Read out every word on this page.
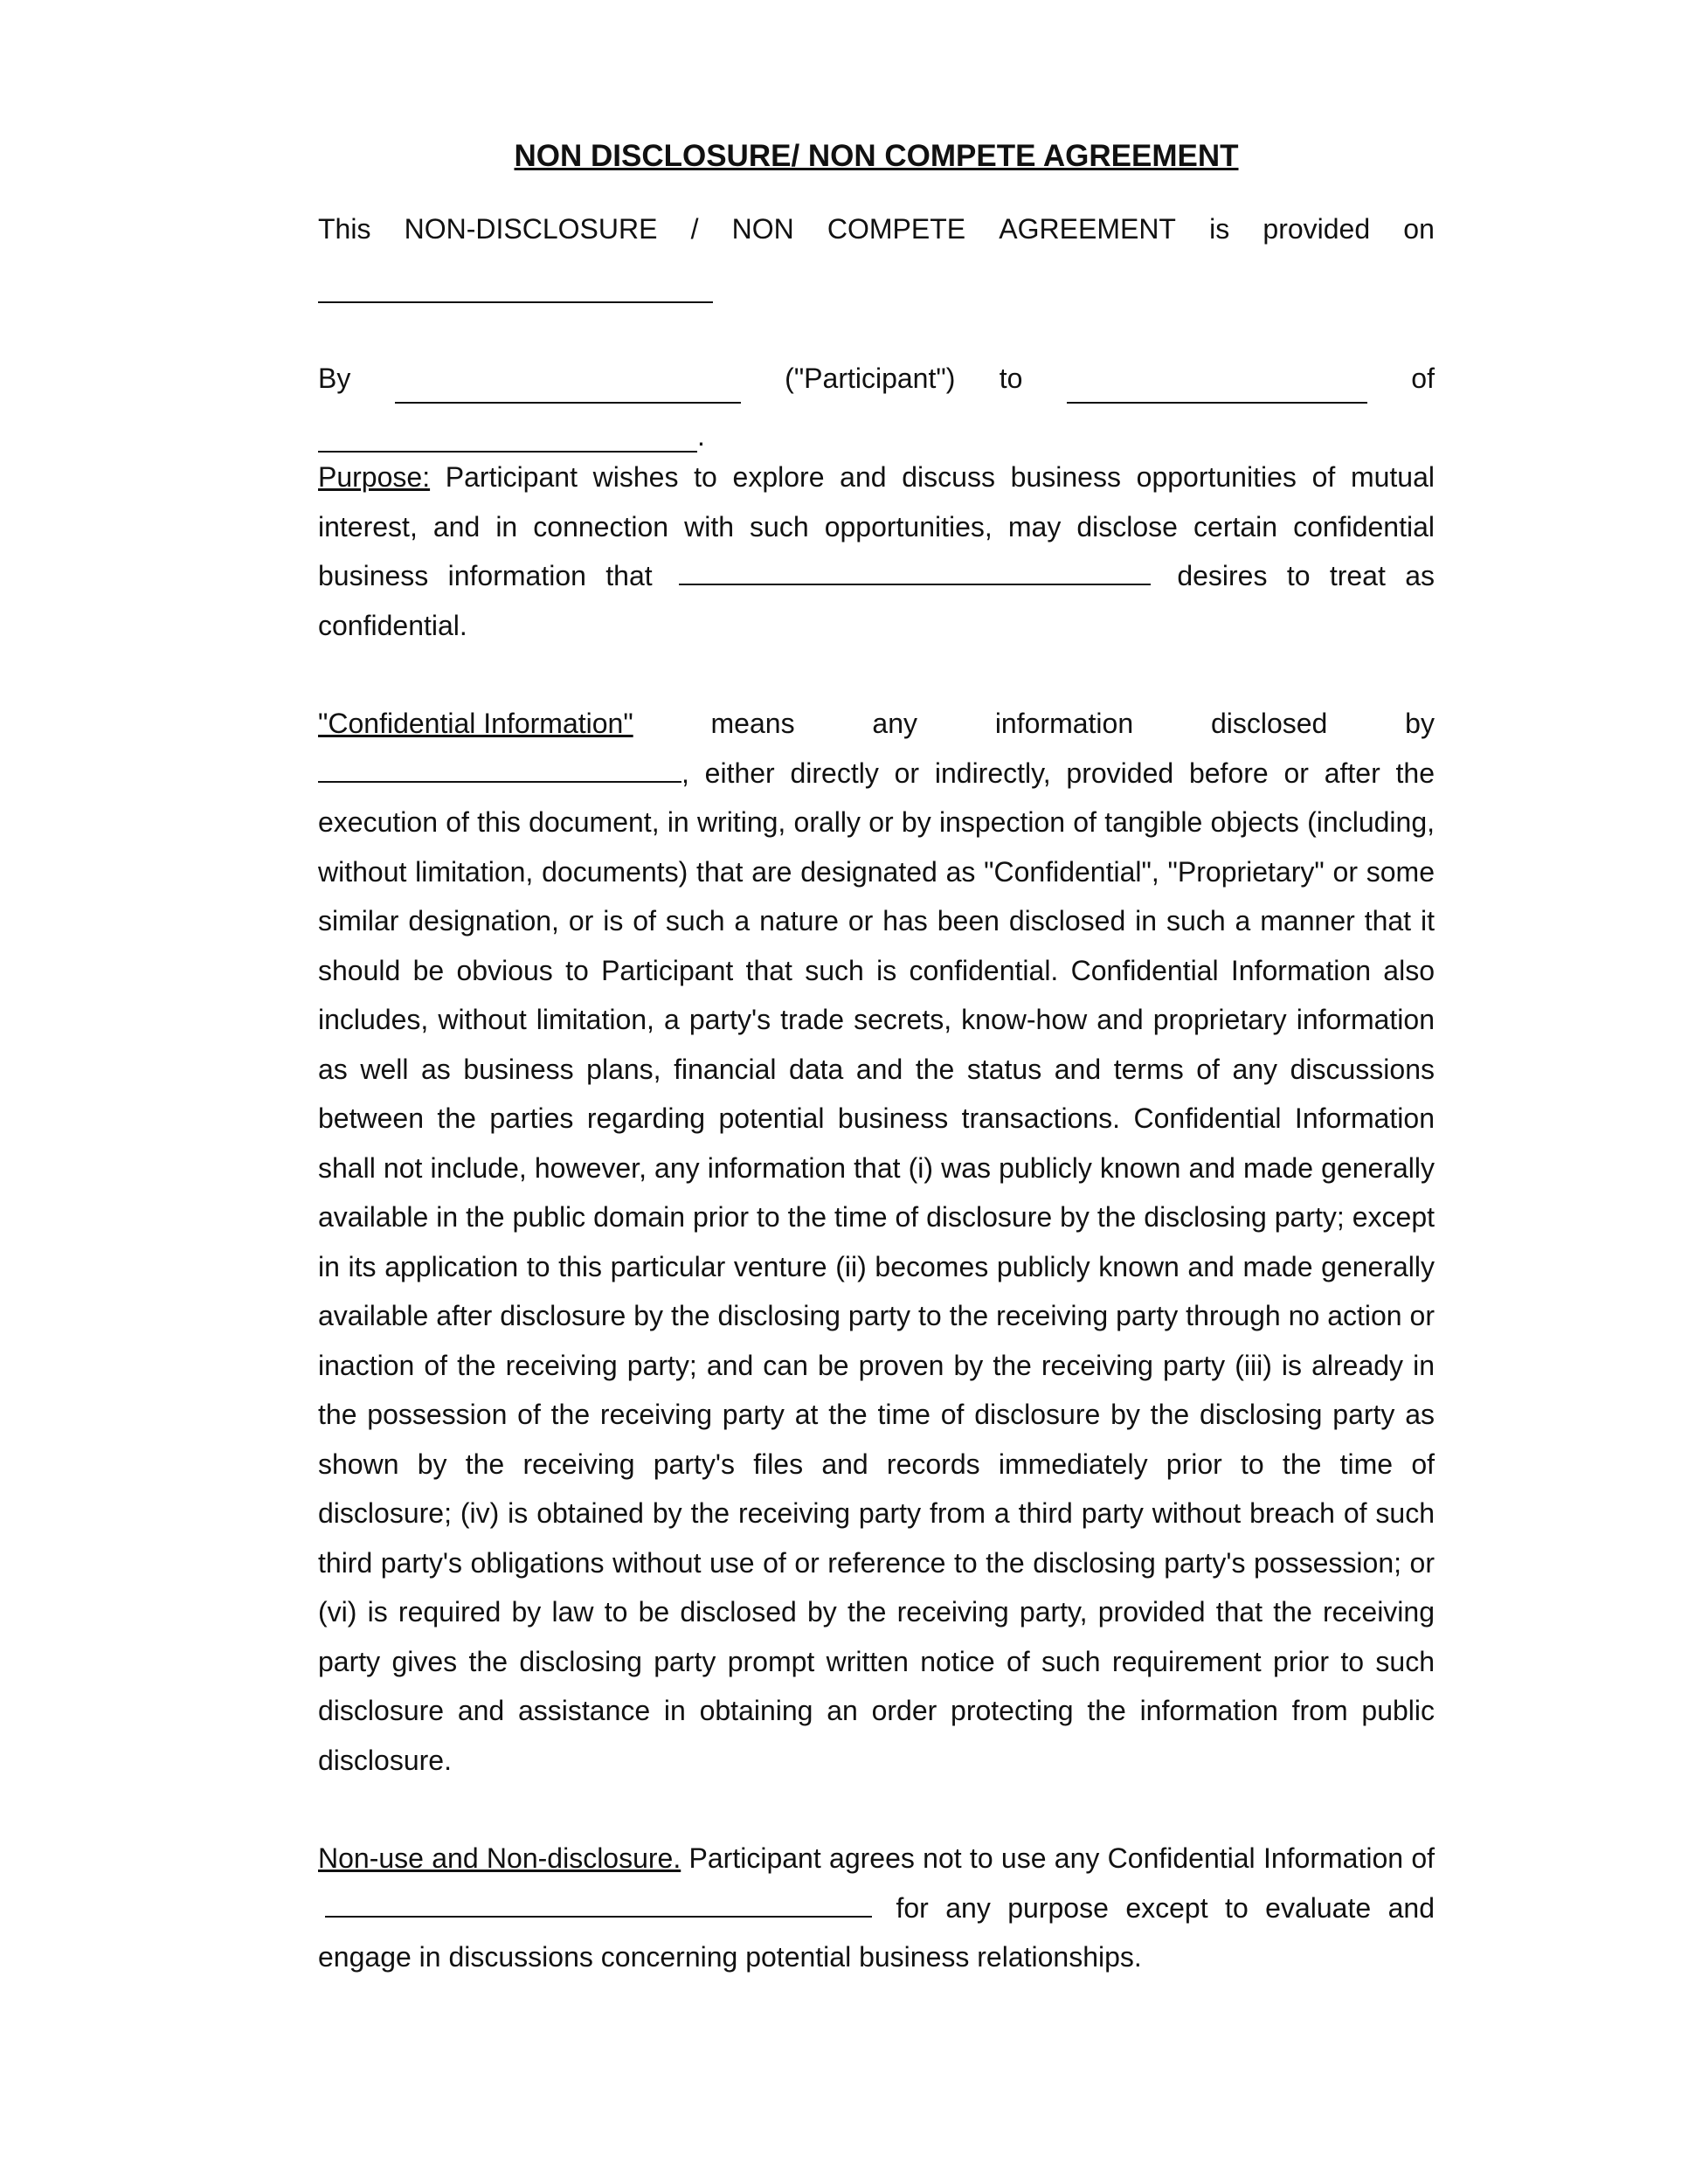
NON DISCLOSURE/ NON COMPETE AGREEMENT
This NON-DISCLOSURE / NON COMPETE AGREEMENT is provided on
By	("Participant") to	of
.

Purpose: Participant wishes to explore and discuss business opportunities of mutual interest, and in connection with such opportunities, may disclose certain confidential business information that	desires to treat as confidential.

"Confidential Information"	means	any	information	disclosed	by

, either directly or indirectly, provided before or after the execution of this document, in writing, orally or by inspection of tangible objects (including, without limitation, documents) that are designated as "Confidential", "Proprietary" or some similar designation, or is of such a nature or has been disclosed in such a manner that it should be obvious to Participant that such is confidential. Confidential Information also includes, without limitation, a party's trade secrets, know-how and proprietary information as well as business plans, financial data and the status and terms of any discussions between the parties regarding potential business transactions. Confidential Information shall not include, however, any information that (i) was publicly known and made generally available in the public domain prior to the time of disclosure by the disclosing party; except in its application to this particular venture (ii) becomes publicly known and made generally available after disclosure by the disclosing party to the receiving party through no action or inaction of the receiving party; and can be proven by the receiving party (iii) is already in the possession of the receiving party at the time of disclosure by the disclosing party as shown by the receiving party's files and records immediately prior to the time of disclosure; (iv) is obtained by the receiving party from a third party without breach of such third party's obligations without use of or reference to the disclosing party's possession; or (vi) is required by law to be disclosed by the receiving party, provided that the receiving party gives the disclosing party prompt written notice of such requirement prior to such disclosure and assistance in obtaining an order protecting the information from public disclosure.

Non-use and Non-disclosure. Participant agrees not to use any Confidential Information of  for any purpose except to evaluate and engage in discussions concerning potential business relationships.
